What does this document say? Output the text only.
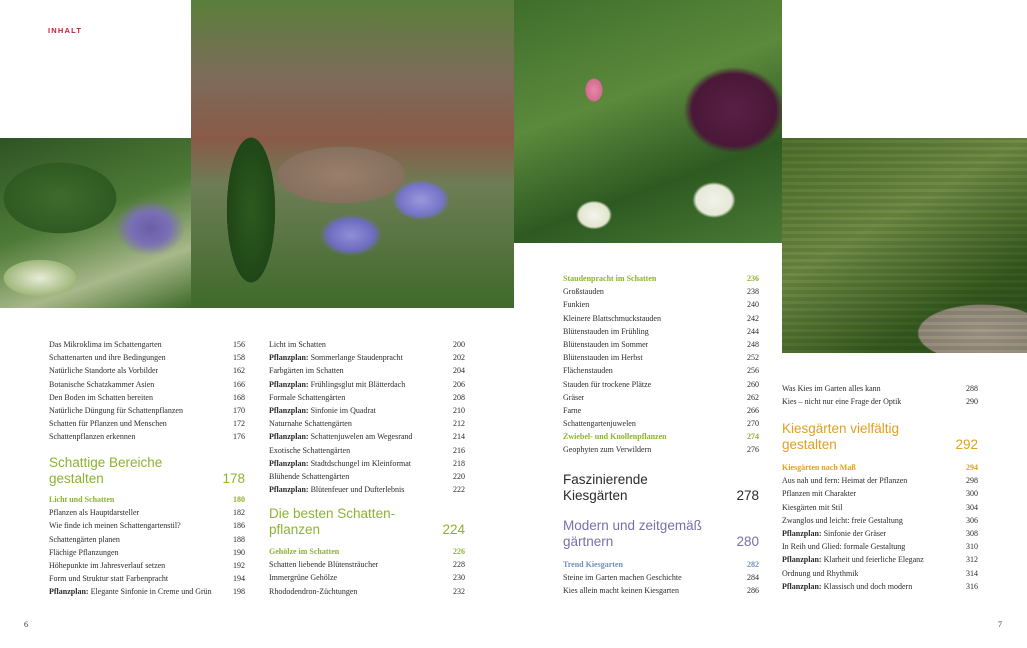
INHALT
Das Mikroklima im Schattengarten	156
Schattenarten und ihre Bedingungen	158
Natürliche Standorte als Vorbilder	162
Botanische Schatzkammer Asien	166
Den Boden im Schatten bereiten	168
Natürliche Düngung für Schattenpflanzen	170
Schatten für Pflanzen und Menschen	172
Schattenpflanzen erkennen	176
Schattige Bereiche
gestalten	178
Licht und Schatten	180
Pflanzen als Hauptdarsteller	182
Wie finde ich meinen Schattengartenstil?	186
Schattengärten planen	188
Flächige Pflanzungen	190
Höhepunkte im Jahresverlauf setzen	192
Form und Struktur statt Farbenpracht	194
Pflanzplan: Elegante Sinfonie in Creme und Grün	198
Licht im Schatten	200
Pflanzplan: Sommerlange Staudenpracht	202
Farbgärten im Schatten	204
Pflanzplan: Frühlingsglut mit Blätterdach	206
Formale Schattengärten	208
Pflanzplan: Sinfonie im Quadrat	210
Naturnahe Schattengärten	212
Pflanzplan: Schattenjuwelen am Wegesrand	214
Exotische Schattengärten	216
Pflanzplan: Stadtdschungel im Kleinformat	218
Blühende Schattengärten	220
Pflanzplan: Blütenfeuer und Dufterlebnis	222
Die besten Schatten-
pflanzen	224
Gehölze im Schatten	226
Schatten liebende Blütensträucher	228
Immergrüne Gehölze	230
Rhododendron-Züchtungen	232
Staudenpracht im Schatten	236
Großstauden	238
Funkien	240
Kleinere Blattschmuckstauden	242
Blütenstauden im Frühling	244
Blütenstauden im Sommer	248
Blütenstauden im Herbst	252
Flächenstauden	256
Stauden für trockene Plätze	260
Gräser	262
Farne	266
Schattengartenjuwelen	270
Zwiebel- und Knollenpflanzen	274
Geophyten zum Verwildern	276
Faszinierende
Kiesgärten	278
Modern und zeitgemäß
gärtnern	280
Trend Kiesgarten	282
Steine im Garten machen Geschichte	284
Kies allein macht keinen Kiesgarten	286
Was Kies im Garten alles kann	288
Kies – nicht nur eine Frage der Optik	290
Kiesgärten vielfältig
gestalten	292
Kiesgärten nach Maß	294
Aus nah und fern: Heimat der Pflanzen	298
Pflanzen mit Charakter	300
Kiesgärten mit Stil	304
Zwanglos und leicht: freie Gestaltung	306
Pflanzplan: Sinfonie der Gräser	308
In Reih und Glied: formale Gestaltung	310
Pflanzplan: Klarheit und feierliche Eleganz	312
Ordnung und Rhythmik	314
Pflanzplan: Klassisch und doch modern	316
6	7
